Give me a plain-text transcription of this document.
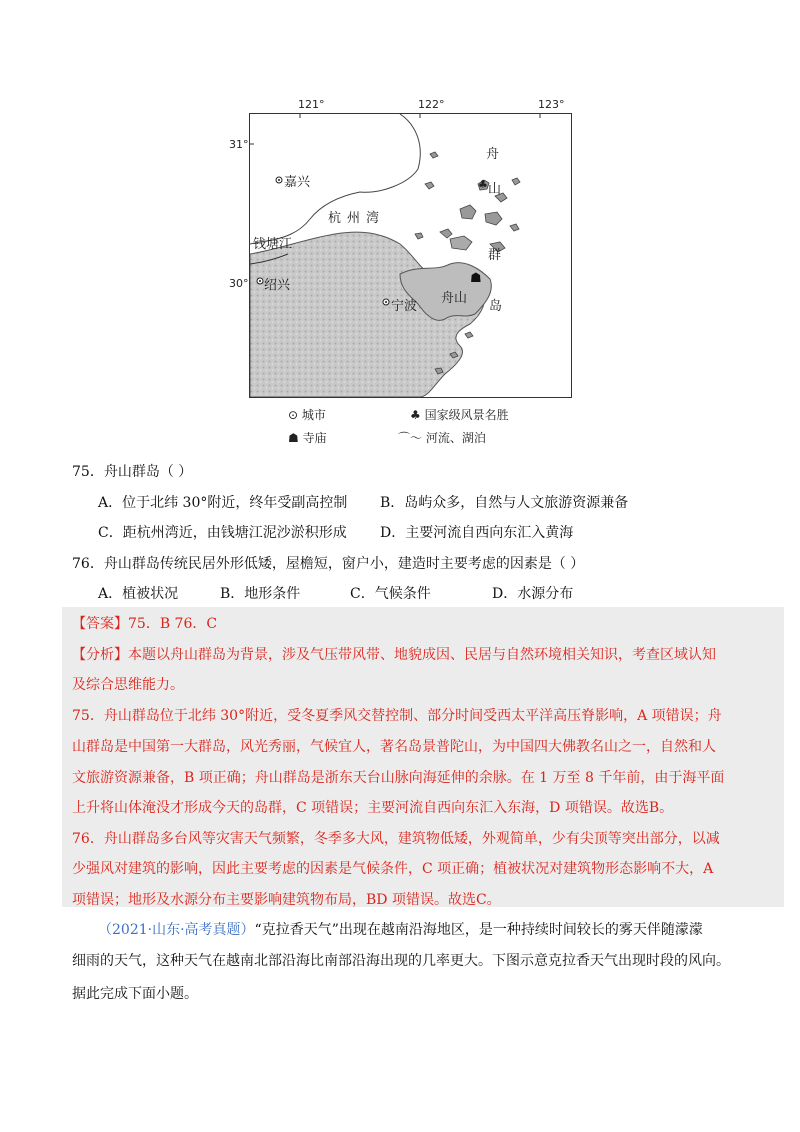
121°	122°	123°
31°
30°
♣
☗
嘉兴
杭州湾
钱塘江
绍兴
宁波
舟山
舟
山
群
岛
⊙ 城市	♣ 国家级风景名胜
☗ 寺庙	⌒〜 河流、湖泊
75．舟山群岛（ ）
A．位于北纬 30°附近，终年受副高控制 B．岛屿众多，自然与人文旅游资源兼备
C．距杭州湾近，由钱塘江泥沙淤积形成 D．主要河流自西向东汇入黄海
76．舟山群岛传统民居外形低矮，屋檐短，窗户小，建造时主要考虑的因素是（ ）
A．植被状况	B．地形条件	C．气候条件	D．水源分布
【答案】75．B 76．C
【分析】本题以舟山群岛为背景，涉及气压带风带、地貌成因、民居与自然环境相关知识，考查区域认知
及综合思维能力。
75．舟山群岛位于北纬 30°附近，受冬夏季风交替控制、部分时间受西太平洋高压脊影响，A 项错误；舟
山群岛是中国第一大群岛，风光秀丽，气候宜人，著名岛景普陀山，为中国四大佛教名山之一，自然和人
文旅游资源兼备，B 项正确；舟山群岛是浙东天台山脉向海延伸的余脉。在 1 万至 8 千年前，由于海平面
上升将山体淹没才形成今天的岛群，C 项错误；主要河流自西向东汇入东海，D 项错误。故选B。
76．舟山群岛多台风等灾害天气频繁，冬季多大风，建筑物低矮，外观简单，少有尖顶等突出部分，以减
少强风对建筑的影响，因此主要考虑的因素是气候条件，C 项正确；植被状况对建筑物形态影响不大，A
项错误；地形及水源分布主要影响建筑物布局，BD 项错误。故选C。
（2021·山东·高考真题）“克拉香天气”出现在越南沿海地区，是一种持续时间较长的雾天伴随濛濛
细雨的天气，这种天气在越南北部沿海比南部沿海出现的几率更大。下图示意克拉香天气出现时段的风向。
据此完成下面小题。
